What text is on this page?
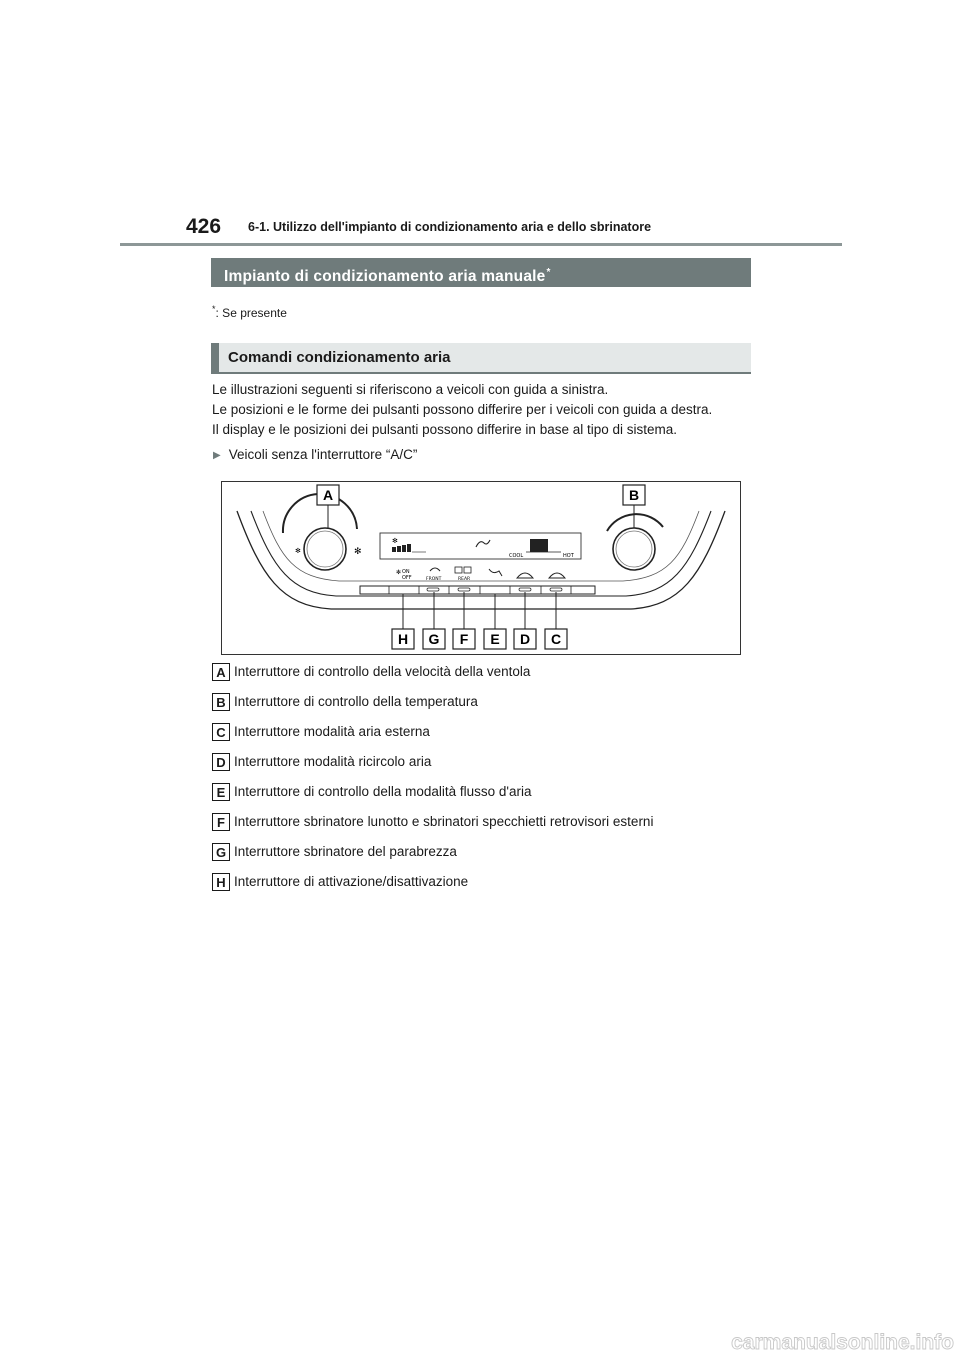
426 6-1. Utilizzo dell'impianto di condizionamento aria e dello sbrinatore
Impianto di condizionamento aria manuale*
*: Se presente
Comandi condizionamento aria
Le illustrazioni seguenti si riferiscono a veicoli con guida a sinistra.
Le posizioni e le forme dei pulsanti possono differire per i veicoli con guida a destra.
Il display e le posizioni dei pulsanti possono differire in base al tipo di sistema.
▶ Veicoli senza l'interruttore “A/C”
✻	✻
✻
COOL	HOT
✻ ON
OFF	FRONT	REAR
A	B
H G F E D C
A Interruttore di controllo della velocità della ventola
B Interruttore di controllo della temperatura
C Interruttore modalità aria esterna
D Interruttore modalità ricircolo aria
E Interruttore di controllo della modalità flusso d'aria
F Interruttore sbrinatore lunotto e sbrinatori specchietti retrovisori esterni
G Interruttore sbrinatore del parabrezza
H Interruttore di attivazione/disattivazione
carmanualsonline.info
